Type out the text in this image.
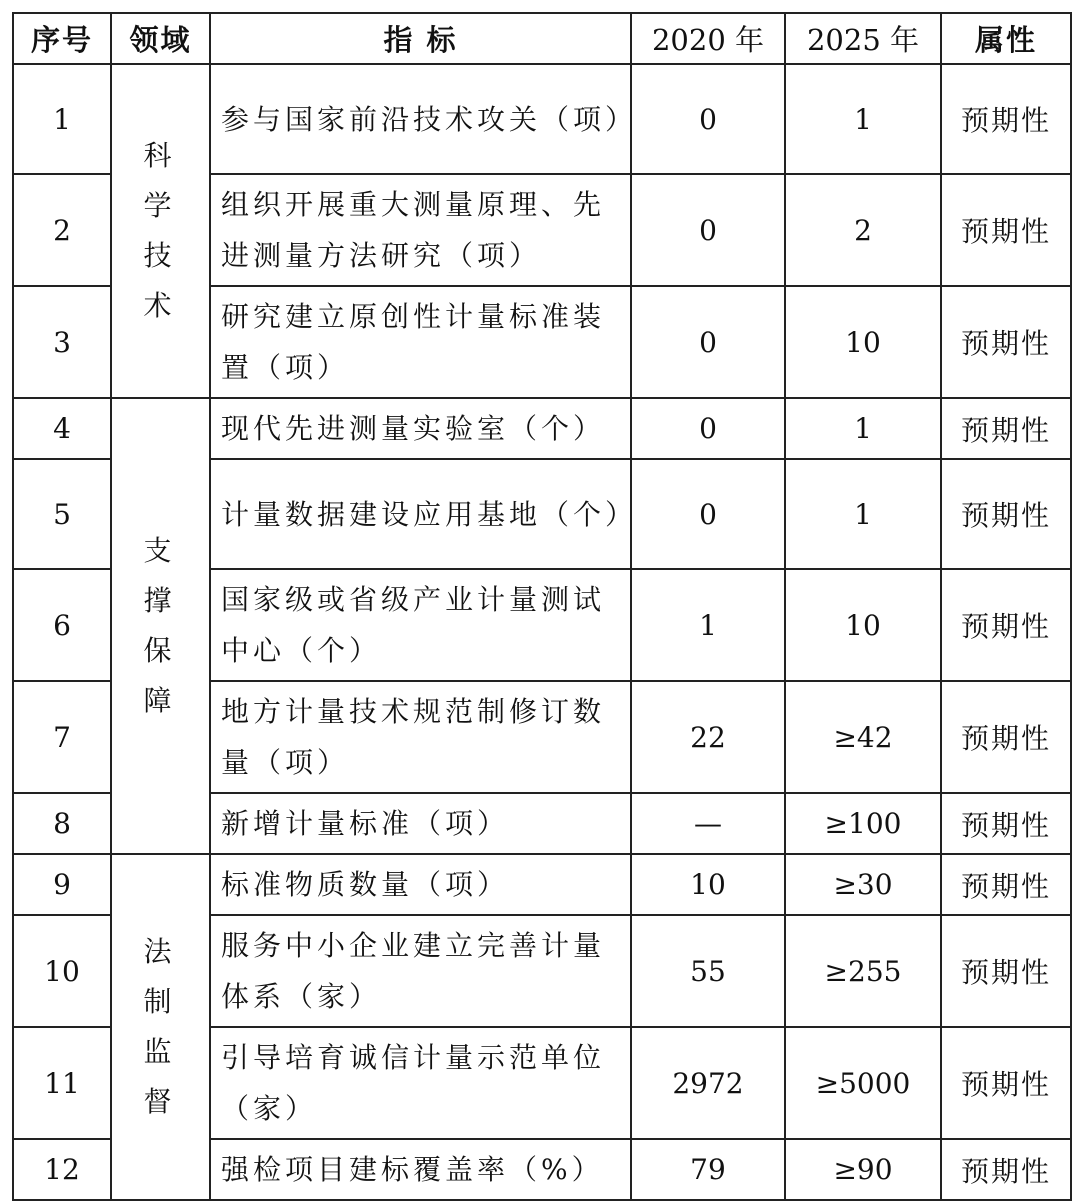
序号	领域	指 标	2020 年	2025 年	属性
1	科学技术	参与国家前沿技术攻关（项）	0	1	预期性
2		组织开展重大测量原理、先进测量方法研究（项）	0	2	预期性
3		研究建立原创性计量标准装置（项）	0	10	预期性
4	支撑保障	现代先进测量实验室（个）	0	1	预期性
5		计量数据建设应用基地（个）	0	1	预期性
6		国家级或省级产业计量测试中心（个）	1	10	预期性
7		地方计量技术规范制修订数量（项）	22	≥42	预期性
8		新增计量标准（项）	—	≥100	预期性
9	法制监督	标准物质数量（项）	10	≥30	预期性
10		服务中小企业建立完善计量体系（家）	55	≥255	预期性
11		引导培育诚信计量示范单位（家）	2972	≥5000	预期性
12		强检项目建标覆盖率（%）	79	≥90	预期性
